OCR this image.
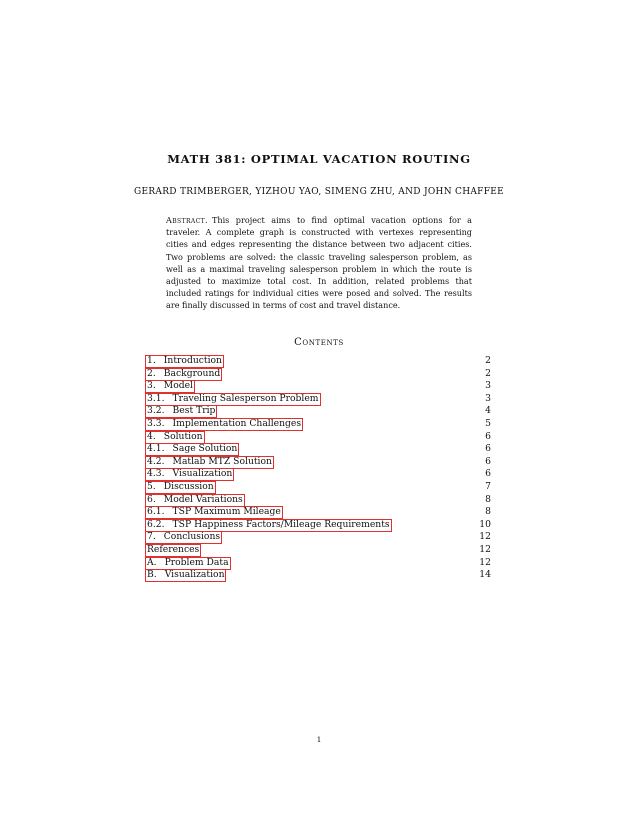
MATH 381: OPTIMAL VACATION ROUTING
GERARD TRIMBERGER, YIZHOU YAO, SIMENG ZHU, AND JOHN CHAFFEE
Abstract. This project aims to find optimal vacation options for a traveler. A complete graph is constructed with vertexes representing cities and edges representing the distance between two adjacent cities. Two problems are solved: the classic traveling salesperson problem, as well as a maximal traveling salesperson problem in which the route is adjusted to maximize total cost. In addition, related problems that included ratings for individual cities were posed and solved. The results are finally discussed in terms of cost and travel distance.
Contents
1. Introduction	2
2. Background	2
3. Model	3
3.1. Traveling Salesperson Problem	3
3.2. Best Trip	4
3.3. Implementation Challenges	5
4. Solution	6
4.1. Sage Solution	6
4.2. Matlab MTZ Solution	6
4.3. Visualization	6
5. Discussion	7
6. Model Variations	8
6.1. TSP Maximum Mileage	8
6.2. TSP Happiness Factors/Mileage Requirements	10
7. Conclusions	12
References	12
A. Problem Data	12
B. Visualization	14
1
